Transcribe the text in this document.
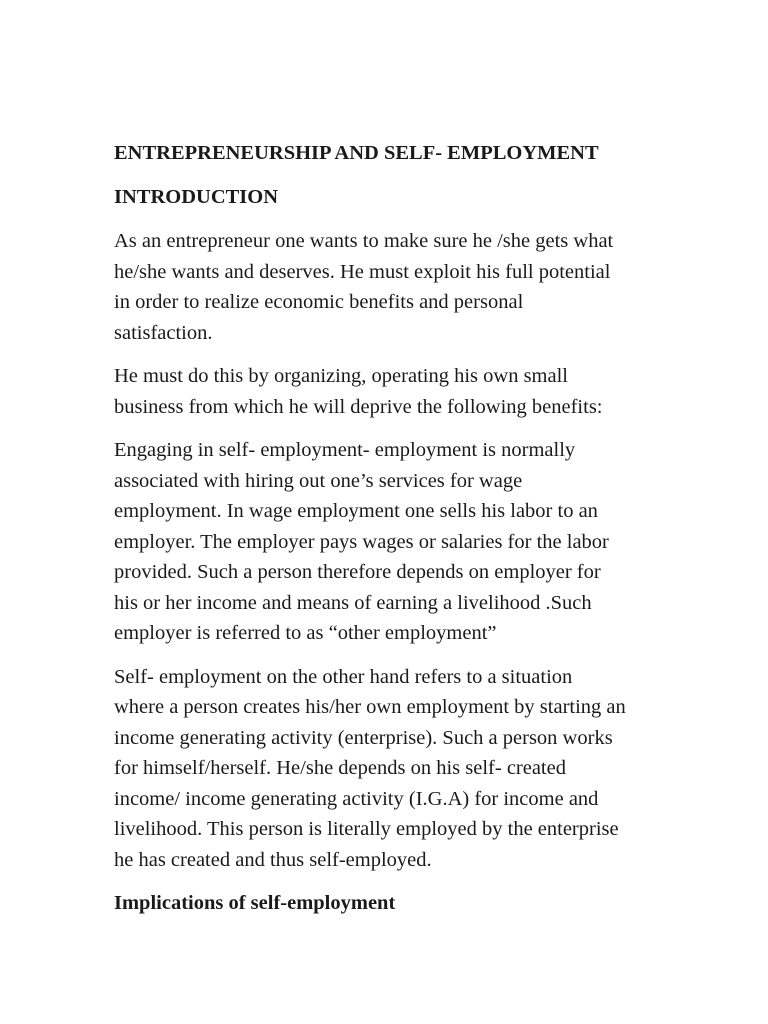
ENTREPRENEURSHIP AND SELF- EMPLOYMENT
INTRODUCTION
As an entrepreneur one wants to make sure he /she gets what
he/she wants and deserves. He must exploit his full potential
in order to realize economic benefits and personal
satisfaction.
He must do this by organizing, operating his own small
business from which he will deprive the following benefits:
Engaging in self- employment- employment is normally
associated with hiring out one’s services for wage
employment. In wage employment one sells his labor to an
employer. The employer pays wages or salaries for the labor
provided. Such a person therefore depends on employer for
his or her income and means of earning a livelihood .Such
employer is referred to as “other employment”
Self- employment on the other hand refers to a situation
where a person creates his/her own employment by starting an
income generating activity (enterprise). Such a person works
for himself/herself. He/she depends on his self- created
income/ income generating activity (I.G.A) for income and
livelihood. This person is literally employed by the enterprise
he has created and thus self-employed.
Implications of self-employment
